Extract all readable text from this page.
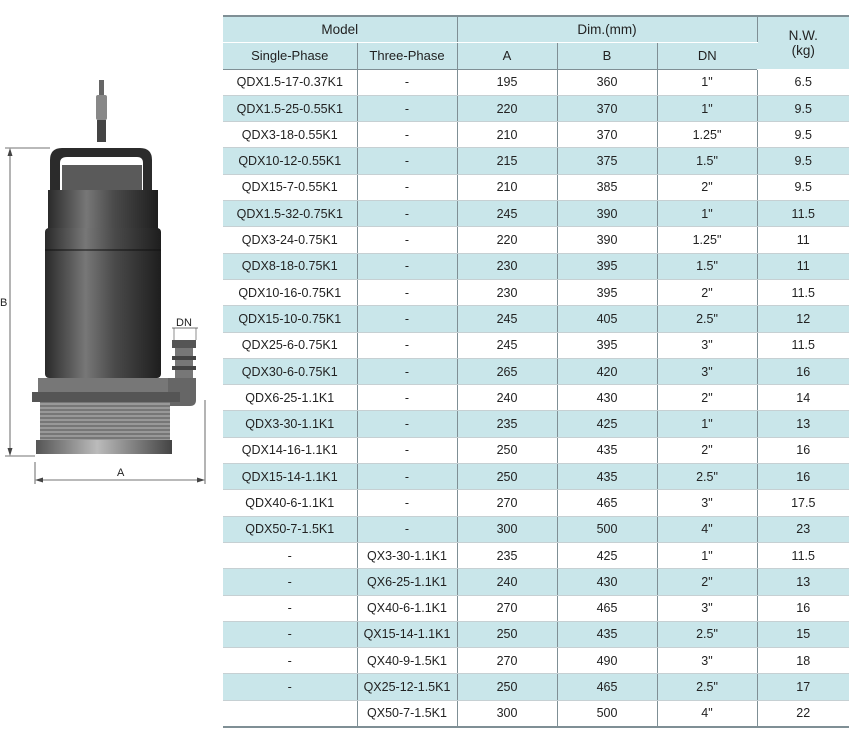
B
A
DN
Model		Dim.(mm)			N.W.
(kg)
Single-Phase	Three-Phase	A	B	DN	
QDX1.5-17-0.37K1	-	195	360	1"	6.5
QDX1.5-25-0.55K1	-	220	370	1"	9.5
QDX3-18-0.55K1	-	210	370	1.25"	9.5
QDX10-12-0.55K1	-	215	375	1.5"	9.5
QDX15-7-0.55K1	-	210	385	2"	9.5
QDX1.5-32-0.75K1	-	245	390	1"	11.5
QDX3-24-0.75K1	-	220	390	1.25"	11
QDX8-18-0.75K1	-	230	395	1.5"	11
QDX10-16-0.75K1	-	230	395	2"	11.5
QDX15-10-0.75K1	-	245	405	2.5"	12
QDX25-6-0.75K1	-	245	395	3"	11.5
QDX30-6-0.75K1	-	265	420	3"	16
QDX6-25-1.1K1	-	240	430	2"	14
QDX3-30-1.1K1	-	235	425	1"	13
QDX14-16-1.1K1	-	250	435	2"	16
QDX15-14-1.1K1	-	250	435	2.5"	16
QDX40-6-1.1K1	-	270	465	3"	17.5
QDX50-7-1.5K1	-	300	500	4"	23
-	QX3-30-1.1K1	235	425	1"	11.5
-	QX6-25-1.1K1	240	430	2"	13
-	QX40-6-1.1K1	270	465	3"	16
-	QX15-14-1.1K1	250	435	2.5"	15
-	QX40-9-1.5K1	270	490	3"	18
-	QX25-12-1.5K1	250	465	2.5"	17
	QX50-7-1.5K1	300	500	4"	22
